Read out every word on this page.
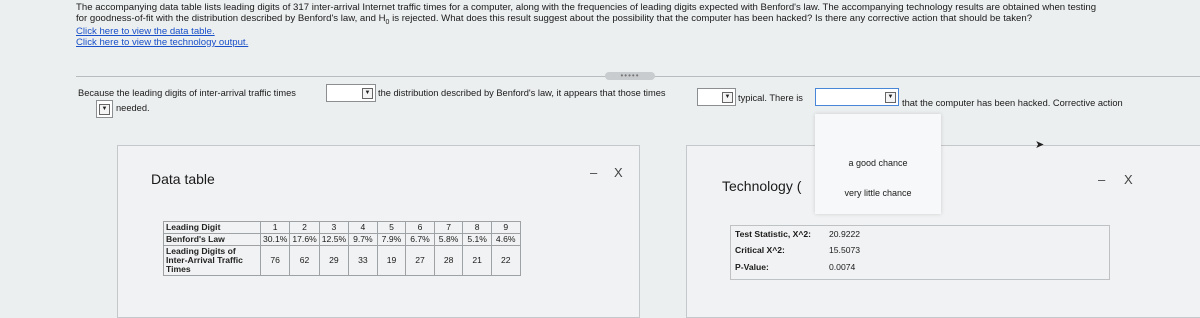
The accompanying data table lists leading digits of 317 inter-arrival Internet traffic times for a computer, along with the frequencies of leading digits expected with Benford's law. The accompanying technology results are obtained when testing
for goodness-of-fit with the distribution described by Benford's law, and $H_0$ is rejected. What does this result suggest about the possibility that the computer has been hacked? Is there any corrective action that should be taken?
Click here to view the data table.
Click here to view the technology output.
•••••
Because the leading digits of inter-arrival traffic times	▼ the distribution described by Benford's law, it appears that those times	▼ typical. There is	▼
that the computer has been hacked. Corrective action
▼ needed.
Data table	– X
Leading Digit	1	2	3	4	5	6	7	8	9
Benford's Law	30.1%	17.6%	12.5%	9.7%	7.9%	6.7%	5.8%	5.1%	4.6%
Leading Digits of Inter-Arrival Traffic Times	76	62	29	33	19	27	28	21	22
Technology (	– X
Test Statistic, X^2: 20.9222
Critical X^2:	15.5073
P-Value:	0.0074
a good chance
very little chance
➤
